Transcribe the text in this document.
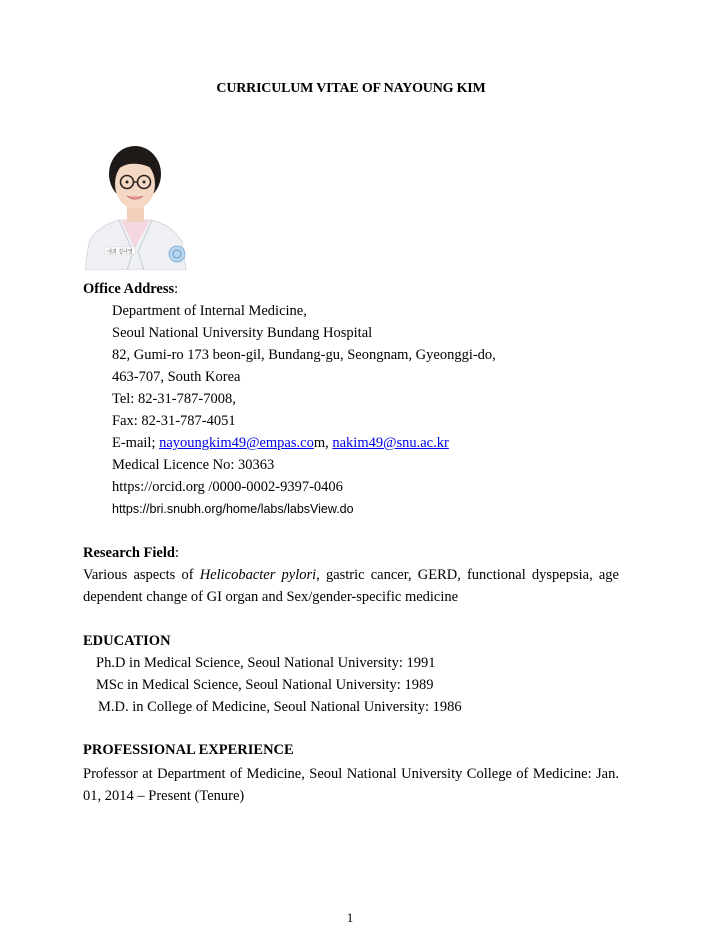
CURRICULUM VITAE OF NAYOUNG KIM
내과 김나영
Office Address:
Department of Internal Medicine,
Seoul National University Bundang Hospital
82, Gumi-ro 173 beon-gil, Bundang-gu, Seongnam, Gyeonggi-do,
463-707, South Korea
Tel: 82-31-787-7008,
Fax: 82-31-787-4051
E-mail; nayoungkim49@empas.com, nakim49@snu.ac.kr
Medical Licence No: 30363
https://orcid.org /0000-0002-9397-0406
https://bri.snubh.org/home/labs/labsView.do
Research Field:
Various aspects of Helicobacter pylori, gastric cancer, GERD, functional dyspepsia, age dependent change of GI organ and Sex/gender-specific medicine
EDUCATION
Ph.D in Medical Science, Seoul National University: 1991
MSc in Medical Science, Seoul National University: 1989
M.D. in College of Medicine, Seoul National University: 1986
PROFESSIONAL EXPERIENCE
Professor at Department of Medicine, Seoul National University College of Medicine: Jan. 01, 2014 – Present (Tenure)
1
